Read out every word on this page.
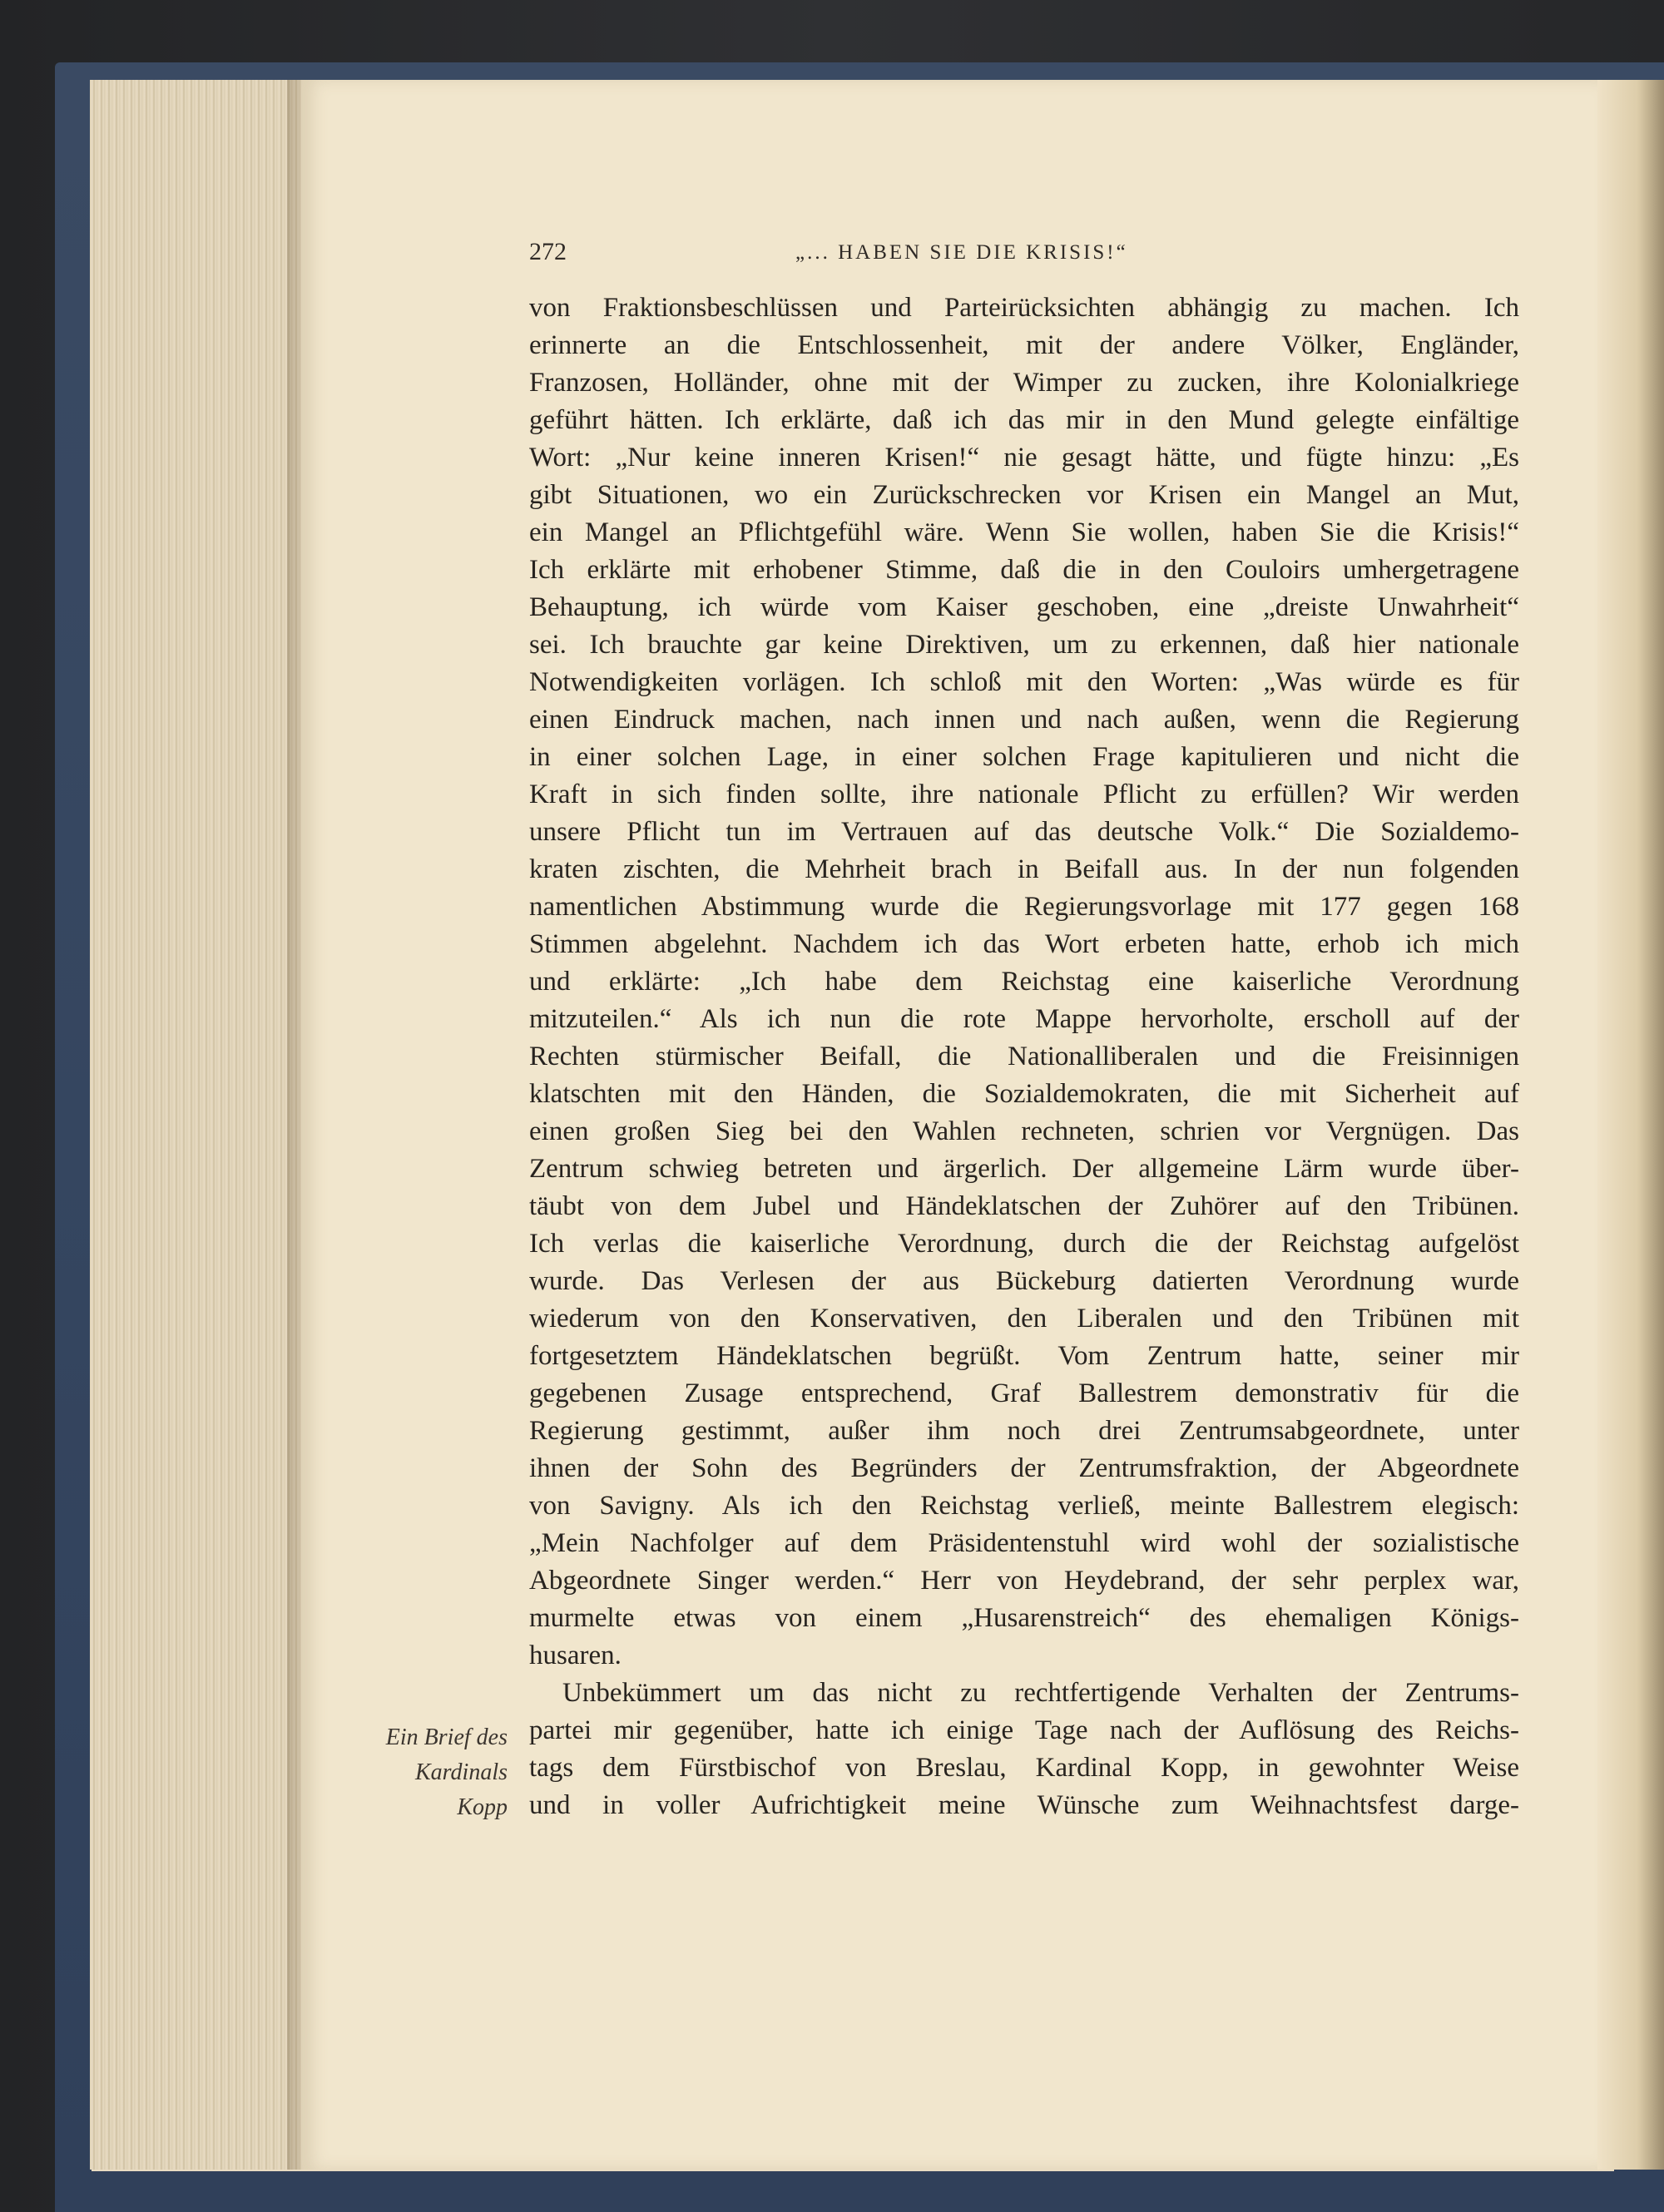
272	„... HABEN SIE DIE KRISIS!“
Ein Brief des
Kardinals
Kopp
von Fraktionsbeschlüssen und Parteirücksichten abhängig zu machen. Ich
erinnerte an die Entschlossenheit, mit der andere Völker, Engländer,
Franzosen, Holländer, ohne mit der Wimper zu zucken, ihre Kolonialkriege
geführt hätten. Ich erklärte, daß ich das mir in den Mund gelegte einfältige
Wort: „Nur keine inneren Krisen!“ nie gesagt hätte, und fügte hinzu: „Es
gibt Situationen, wo ein Zurückschrecken vor Krisen ein Mangel an Mut,
ein Mangel an Pflichtgefühl wäre. Wenn Sie wollen, haben Sie die Krisis!“
Ich erklärte mit erhobener Stimme, daß die in den Couloirs umhergetragene
Behauptung, ich würde vom Kaiser geschoben, eine „dreiste Unwahrheit“
sei. Ich brauchte gar keine Direktiven, um zu erkennen, daß hier nationale
Notwendigkeiten vorlägen. Ich schloß mit den Worten: „Was würde es für
einen Eindruck machen, nach innen und nach außen, wenn die Regierung
in einer solchen Lage, in einer solchen Frage kapitulieren und nicht die
Kraft in sich finden sollte, ihre nationale Pflicht zu erfüllen? Wir werden
unsere Pflicht tun im Vertrauen auf das deutsche Volk.“ Die Sozialdemo-
kraten zischten, die Mehrheit brach in Beifall aus. In der nun folgenden
namentlichen Abstimmung wurde die Regierungsvorlage mit 177 gegen 168
Stimmen abgelehnt. Nachdem ich das Wort erbeten hatte, erhob ich mich
und erklärte: „Ich habe dem Reichstag eine kaiserliche Verordnung
mitzuteilen.“ Als ich nun die rote Mappe hervorholte, erscholl auf der
Rechten stürmischer Beifall, die Nationalliberalen und die Freisinnigen
klatschten mit den Händen, die Sozialdemokraten, die mit Sicherheit auf
einen großen Sieg bei den Wahlen rechneten, schrien vor Vergnügen. Das
Zentrum schwieg betreten und ärgerlich. Der allgemeine Lärm wurde über-
täubt von dem Jubel und Händeklatschen der Zuhörer auf den Tribünen.
Ich verlas die kaiserliche Verordnung, durch die der Reichstag aufgelöst
wurde. Das Verlesen der aus Bückeburg datierten Verordnung wurde
wiederum von den Konservativen, den Liberalen und den Tribünen mit
fortgesetztem Händeklatschen begrüßt. Vom Zentrum hatte, seiner mir
gegebenen Zusage entsprechend, Graf Ballestrem demonstrativ für die
Regierung gestimmt, außer ihm noch drei Zentrumsabgeordnete, unter
ihnen der Sohn des Begründers der Zentrumsfraktion, der Abgeordnete
von Savigny. Als ich den Reichstag verließ, meinte Ballestrem elegisch:
„Mein Nachfolger auf dem Präsidentenstuhl wird wohl der sozialistische
Abgeordnete Singer werden.“ Herr von Heydebrand, der sehr perplex war,
murmelte etwas von einem „Husarenstreich“ des ehemaligen Königs-
husaren.
Unbekümmert um das nicht zu rechtfertigende Verhalten der Zentrums-
partei mir gegenüber, hatte ich einige Tage nach der Auflösung des Reichs-
tags dem Fürstbischof von Breslau, Kardinal Kopp, in gewohnter Weise
und in voller Aufrichtigkeit meine Wünsche zum Weihnachtsfest darge-
